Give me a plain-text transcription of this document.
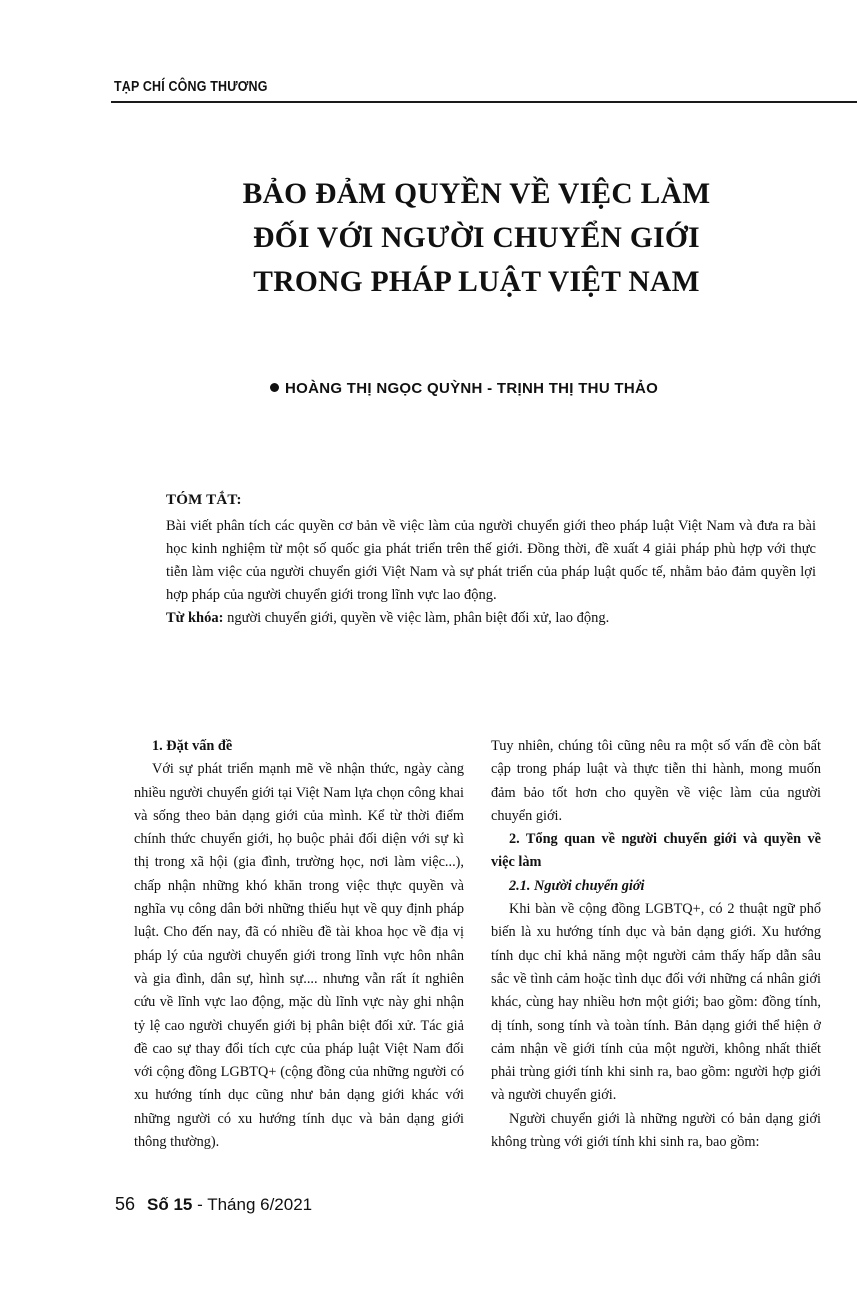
TẠP CHÍ CÔNG THƯƠNG
BẢO ĐẢM QUYỀN VỀ VIỆC LÀM
ĐỐI VỚI NGƯỜI CHUYỂN GIỚI
TRONG PHÁP LUẬT VIỆT NAM
HOÀNG THỊ NGỌC QUỲNH - TRỊNH THỊ THU THẢO
TÓM TẮT:

Bài viết phân tích các quyền cơ bản về việc làm của người chuyển giới theo pháp luật Việt Nam và đưa ra bài học kinh nghiệm từ một số quốc gia phát triển trên thế giới. Đồng thời, đề xuất 4 giải pháp phù hợp với thực tiễn làm việc của người chuyển giới Việt Nam và sự phát triển của pháp luật quốc tế, nhằm bảo đảm quyền lợi hợp pháp của người chuyển giới trong lĩnh vực lao động.

Từ khóa: người chuyển giới, quyền về việc làm, phân biệt đối xử, lao động.

1. Đặt vấn đề

Với sự phát triển mạnh mẽ về nhận thức, ngày càng nhiều người chuyển giới tại Việt Nam lựa chọn công khai và sống theo bản dạng giới của mình. Kể từ thời điểm chính thức chuyển giới, họ buộc phải đối diện với sự kì thị trong xã hội (gia đình, trường học, nơi làm việc...), chấp nhận những khó khăn trong việc thực quyền và nghĩa vụ công dân bởi những thiếu hụt về quy định pháp luật. Cho đến nay, đã có nhiều đề tài khoa học về địa vị pháp lý của người chuyển giới trong lĩnh vực hôn nhân và gia đình, dân sự, hình sự.... nhưng vẫn rất ít nghiên cứu về lĩnh vực lao động, mặc dù lĩnh vực này ghi nhận tỷ lệ cao người chuyển giới bị phân biệt đối xử. Tác giả đề cao sự thay đổi tích cực của pháp luật Việt Nam đối với cộng đồng LGBTQ+ (cộng đồng của những người có xu hướng tính dục cũng như bản dạng giới khác với những người có xu hướng tính dục và bản dạng giới thông thường).

Tuy nhiên, chúng tôi cũng nêu ra một số vấn đề còn bất cập trong pháp luật và thực tiễn thi hành, mong muốn đảm bảo tốt hơn cho quyền về việc làm của người chuyển giới.

2. Tổng quan về người chuyển giới và quyền về việc làm

2.1. Người chuyển giới

Khi bàn về cộng đồng LGBTQ+, có 2 thuật ngữ phổ biến là xu hướng tính dục và bản dạng giới. Xu hướng tính dục chỉ khả năng một người cảm thấy hấp dẫn sâu sắc về tình cảm hoặc tình dục đối với những cá nhân giới khác, cùng hay nhiều hơn một giới; bao gồm: đồng tính, dị tính, song tính và toàn tính. Bản dạng giới thể hiện ở cảm nhận về giới tính của một người, không nhất thiết phải trùng giới tính khi sinh ra, bao gồm: người hợp giới và người chuyển giới.

Người chuyển giới là những người có bản dạng giới không trùng với giới tính khi sinh ra, bao gồm:

56 Số 15 - Tháng 6/2021
